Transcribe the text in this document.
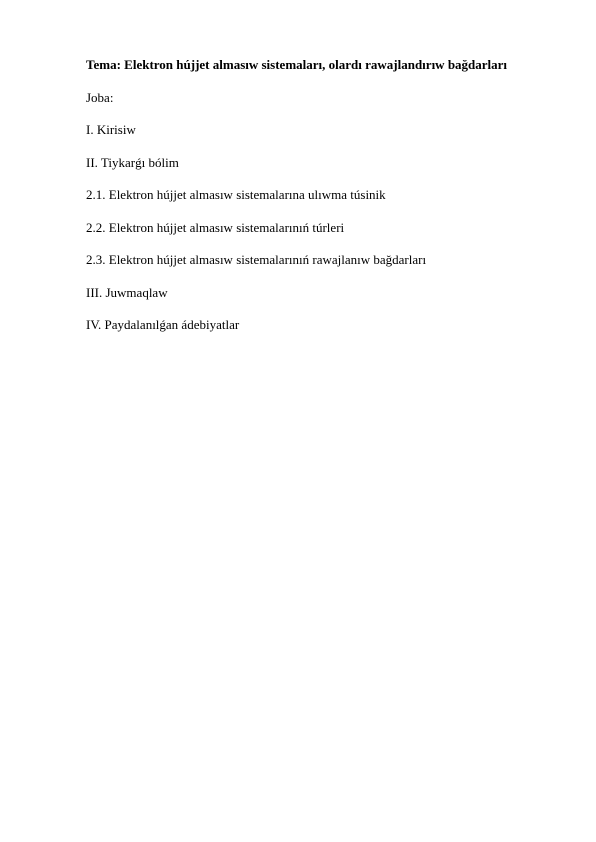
Tema: Elektron hújjet almasıw sistemaları, olardı rawajlandırıw bağdarları

Joba:

I. Kirisiw

II. Tiykarǵı bólim

2.1. Elektron hújjet almasıw sistemalarına ulıwma túsinik

2.2. Elektron hújjet almasıw sistemalarınıń túrleri

2.3. Elektron hújjet almasıw sistemalarınıń rawajlanıw bağdarları

III. Juwmaqlaw

IV. Paydalanılǵan ádebiyatlar
